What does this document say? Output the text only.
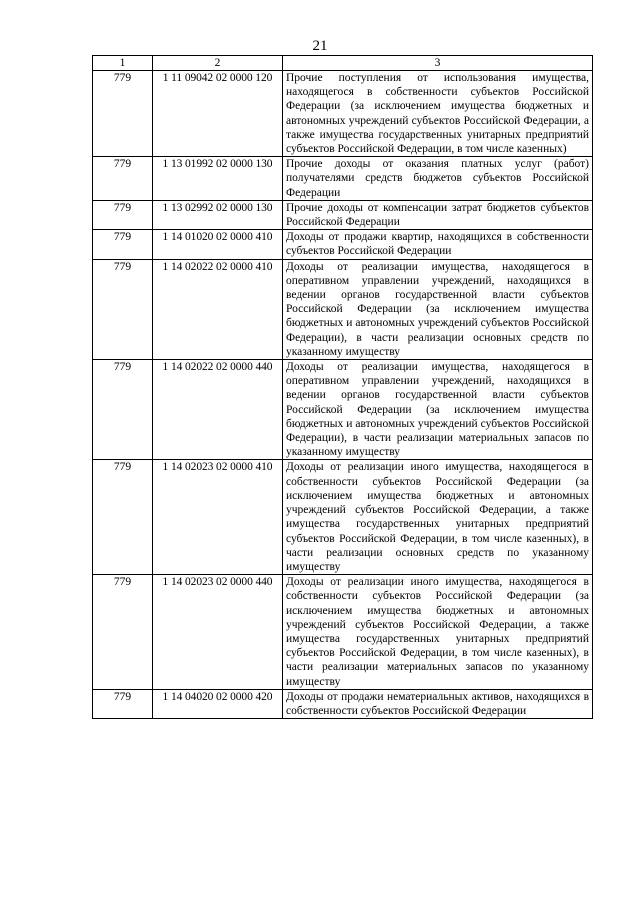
21
1	2	3
779	1 11 09042 02 0000 120	Прочие поступления от использования имущества, находящегося в собственности субъектов Российской Федерации (за исключением имущества бюджетных и автономных учреждений субъектов Российской Федерации, а также имущества государственных унитарных предприятий субъектов Российской Федерации, в том числе казенных)
779	1 13 01992 02 0000 130	Прочие доходы от оказания платных услуг (работ) получателями средств бюджетов субъектов Российской Федерации
779	1 13 02992 02 0000 130	Прочие доходы от компенсации затрат бюджетов субъектов Российской Федерации
779	1 14 01020 02 0000 410	Доходы от продажи квартир, находящихся в собственности субъектов Российской Федерации
779	1 14 02022 02 0000 410	Доходы от реализации имущества, находящегося в оперативном управлении учреждений, находящихся в ведении органов государственной власти субъектов Российской Федерации (за исключением имущества бюджетных и автономных учреждений субъектов Российской Федерации), в части реализации основных средств по указанному имуществу
779	1 14 02022 02 0000 440	Доходы от реализации имущества, находящегося в оперативном управлении учреждений, находящихся в ведении органов государственной власти субъектов Российской Федерации (за исключением имущества бюджетных и автономных учреждений субъектов Российской Федерации), в части реализации материальных запасов по указанному имуществу
779	1 14 02023 02 0000 410	Доходы от реализации иного имущества, находящегося в собственности субъектов Российской Федерации (за исключением имущества бюджетных и автономных учреждений субъектов Российской Федерации, а также имущества государственных унитарных предприятий субъектов Российской Федерации, в том числе казенных), в части реализации основных средств по указанному имуществу
779	1 14 02023 02 0000 440	Доходы от реализации иного имущества, находящегося в собственности субъектов Российской Федерации (за исключением имущества бюджетных и автономных учреждений субъектов Российской Федерации, а также имущества государственных унитарных предприятий субъектов Российской Федерации, в том числе казенных), в части реализации материальных запасов по указанному имуществу
779	1 14 04020 02 0000 420	Доходы от продажи нематериальных активов, находящихся в собственности субъектов Российской Федерации
